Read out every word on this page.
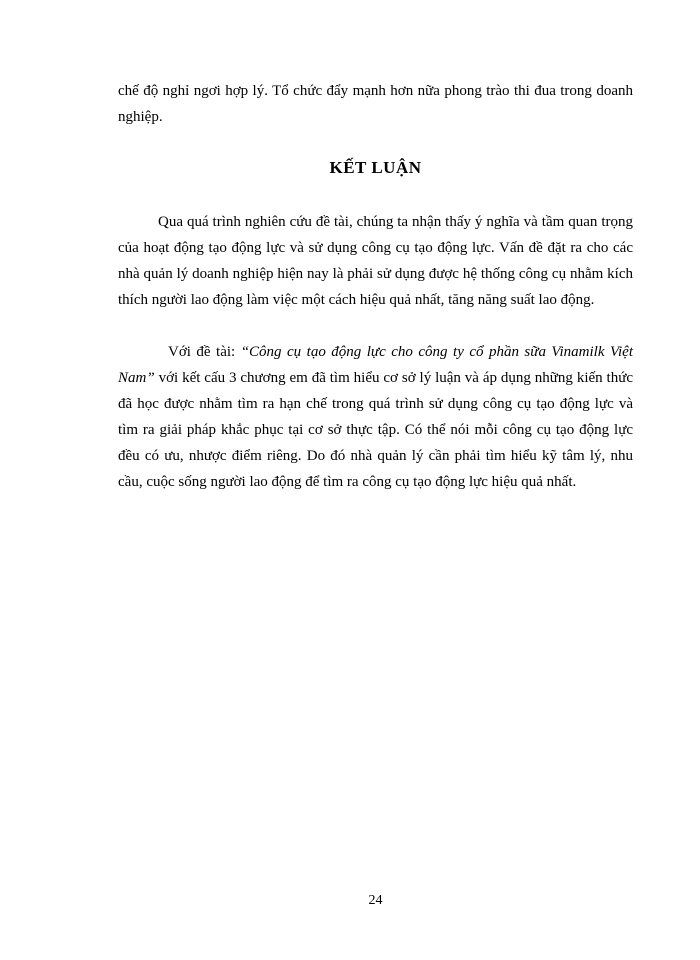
chế độ nghỉ ngơi hợp lý. Tổ chức đẩy mạnh hơn nữa phong trào thi đua trong doanh nghiệp.

KẾT LUẬN

Qua quá trình nghiên cứu đề tài, chúng ta nhận thấy ý nghĩa và tầm quan trọng của hoạt động tạo động lực và sử dụng công cụ tạo động lực. Vấn đề đặt ra cho các nhà quản lý doanh nghiệp hiện nay là phải sử dụng được hệ thống công cụ nhằm kích thích người lao động làm việc một cách hiệu quả nhất, tăng năng suất lao động.

Với đề tài: “Công cụ tạo động lực cho công ty cổ phần sữa Vinamilk Việt Nam” với kết cấu 3 chương em đã tìm hiểu cơ sở lý luận và áp dụng những kiến thức đã học được nhằm tìm ra hạn chế trong quá trình sử dụng công cụ tạo động lực và tìm ra giải pháp khắc phục tại cơ sở thực tập. Có thể nói mỗi công cụ tạo động lực đều có ưu, nhược điểm riêng. Do đó nhà quản lý cần phải tìm hiểu kỹ tâm lý, nhu cầu, cuộc sống người lao động để tìm ra công cụ tạo động lực hiệu quả nhất.

24
